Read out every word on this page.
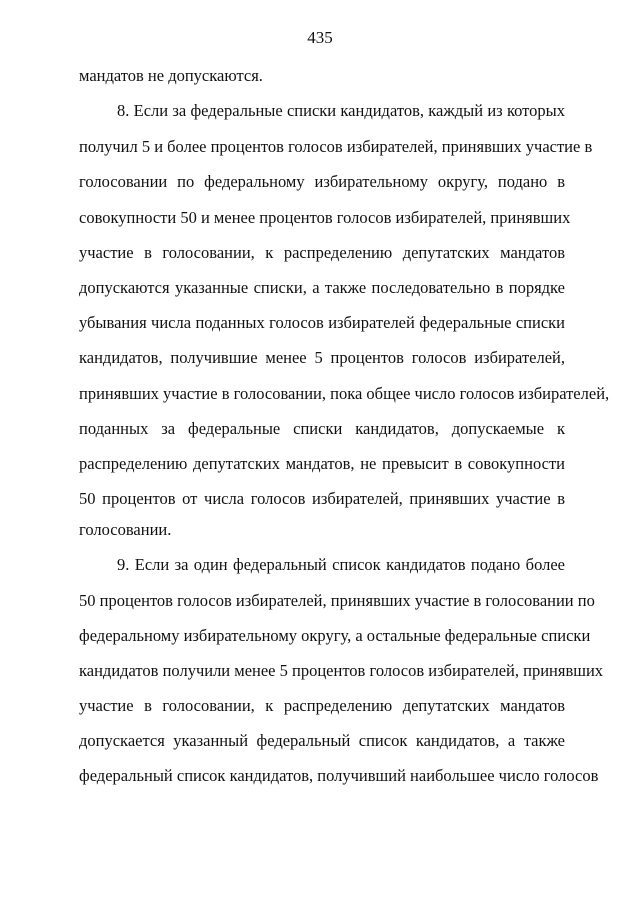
435
мандатов не допускаются.
8. Если за федеральные списки кандидатов, каждый из которых
получил 5 и более процентов голосов избирателей, принявших участие в
голосовании по федеральному избирательному округу, подано в
совокупности 50 и менее процентов голосов избирателей, принявших
участие в голосовании, к распределению депутатских мандатов
допускаются указанные списки, а также последовательно в порядке
убывания числа поданных голосов избирателей федеральные списки
кандидатов, получившие менее 5 процентов голосов избирателей,
принявших участие в голосовании, пока общее число голосов избирателей,
поданных за федеральные списки кандидатов, допускаемые к
распределению депутатских мандатов, не превысит в совокупности
50 процентов от числа голосов избирателей, принявших участие в
голосовании.
9. Если за один федеральный список кандидатов подано более
50 процентов голосов избирателей, принявших участие в голосовании по
федеральному избирательному округу, а остальные федеральные списки
кандидатов получили менее 5 процентов голосов избирателей, принявших
участие в голосовании, к распределению депутатских мандатов
допускается указанный федеральный список кандидатов, а также
федеральный список кандидатов, получивший наибольшее число голосов
